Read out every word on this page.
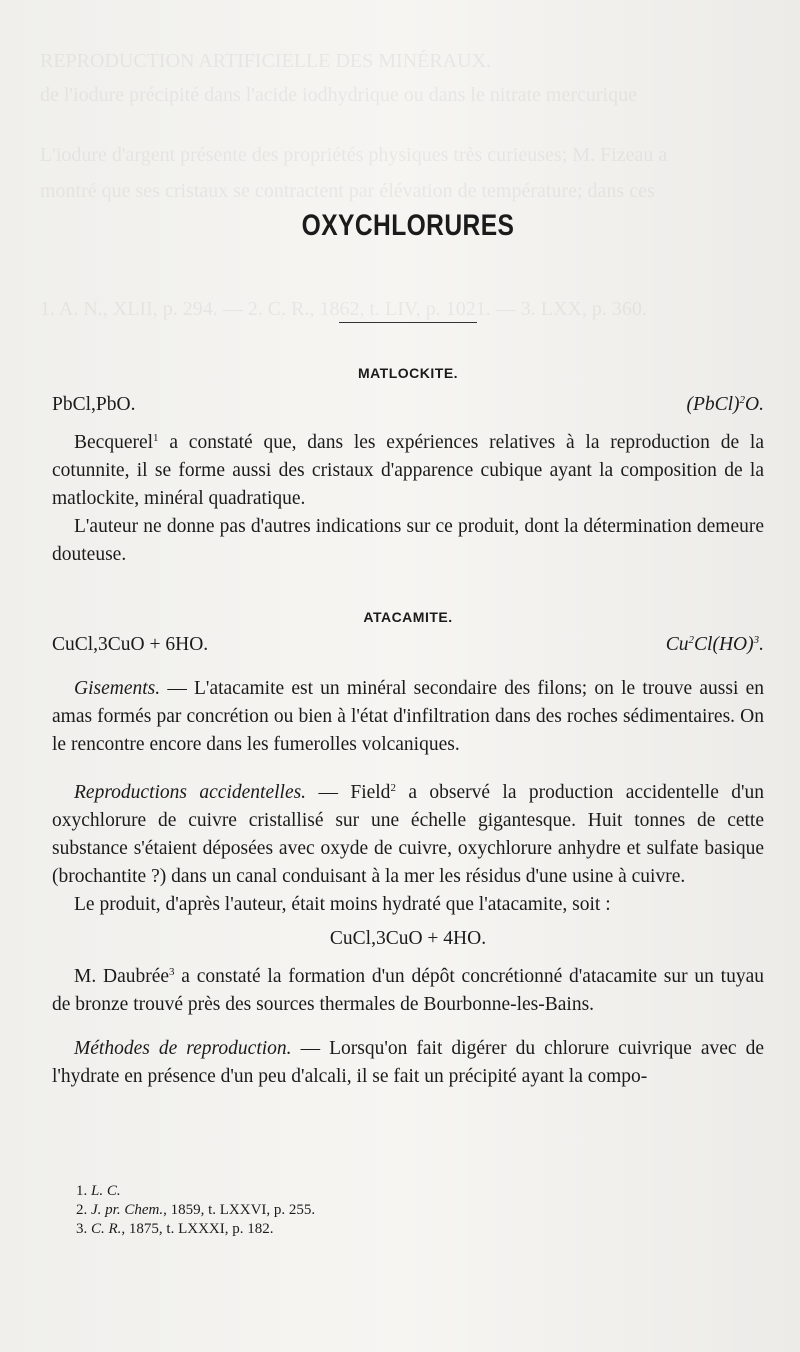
REPRODUCTION ARTIFICIELLE DES MINÉRAUX.
de l'iodure précipité dans l'acide iodhydrique ou dans le nitrate mercurique
L'iodure d'argent présente des propriétés physiques très curieuses; M. Fizeau a
montré que ses cristaux se contractent par élévation de température; dans ces
1. A. N., XLII, p. 294. — 2. C. R., 1862, t. LIV, p. 1021. — 3. LXX, p. 360.
OXYCHLORURES
MATLOCKITE.
PbCl,PbO.	(PbCl)$^2$O.

Becquerel$^1$ a constaté que, dans les expériences relatives à la reproduction de la cotunnite, il se forme aussi des cristaux d'apparence cubique ayant la composition de la matlockite, minéral quadratique.

L'auteur ne donne pas d'autres indications sur ce produit, dont la détermination demeure douteuse.

ATACAMITE.
CuCl,3CuO + 6HO.	Cu$^2$Cl(HO)$^3$.

Gisements. — L'atacamite est un minéral secondaire des filons; on le trouve aussi en amas formés par concrétion ou bien à l'état d'infiltration dans des roches sédimentaires. On le rencontre encore dans les fumerolles volcaniques.

Reproductions accidentelles. — Field$^2$ a observé la production accidentelle d'un oxychlorure de cuivre cristallisé sur une échelle gigantesque. Huit tonnes de cette substance s'étaient déposées avec oxyde de cuivre, oxychlorure anhydre et sulfate basique (brochantite ?) dans un canal conduisant à la mer les résidus d'une usine à cuivre.

Le produit, d'après l'auteur, était moins hydraté que l'atacamite, soit :

CuCl,3CuO + 4HO.

M. Daubrée$^3$ a constaté la formation d'un dépôt concrétionné d'atacamite sur un tuyau de bronze trouvé près des sources thermales de Bourbonne-les-Bains.

Méthodes de reproduction. — Lorsqu'on fait digérer du chlorure cuivrique avec de l'hydrate en présence d'un peu d'alcali, il se fait un précipité ayant la compo-

1. L. C.
2. J. pr. Chem., 1859, t. LXXVI, p. 255.
3. C. R., 1875, t. LXXXI, p. 182.
